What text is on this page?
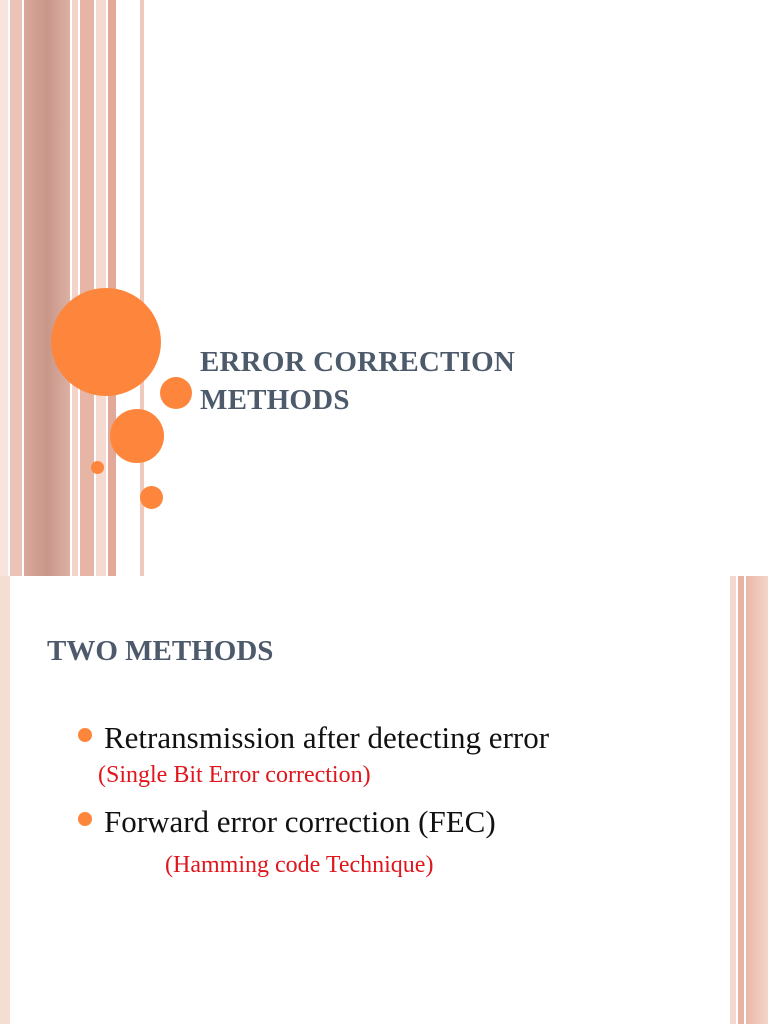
ERROR CORRECTION
METHODS
TWO METHODS
Retransmission after detecting error
(Single Bit Error correction)
Forward error correction (FEC)
(Hamming code Technique)
